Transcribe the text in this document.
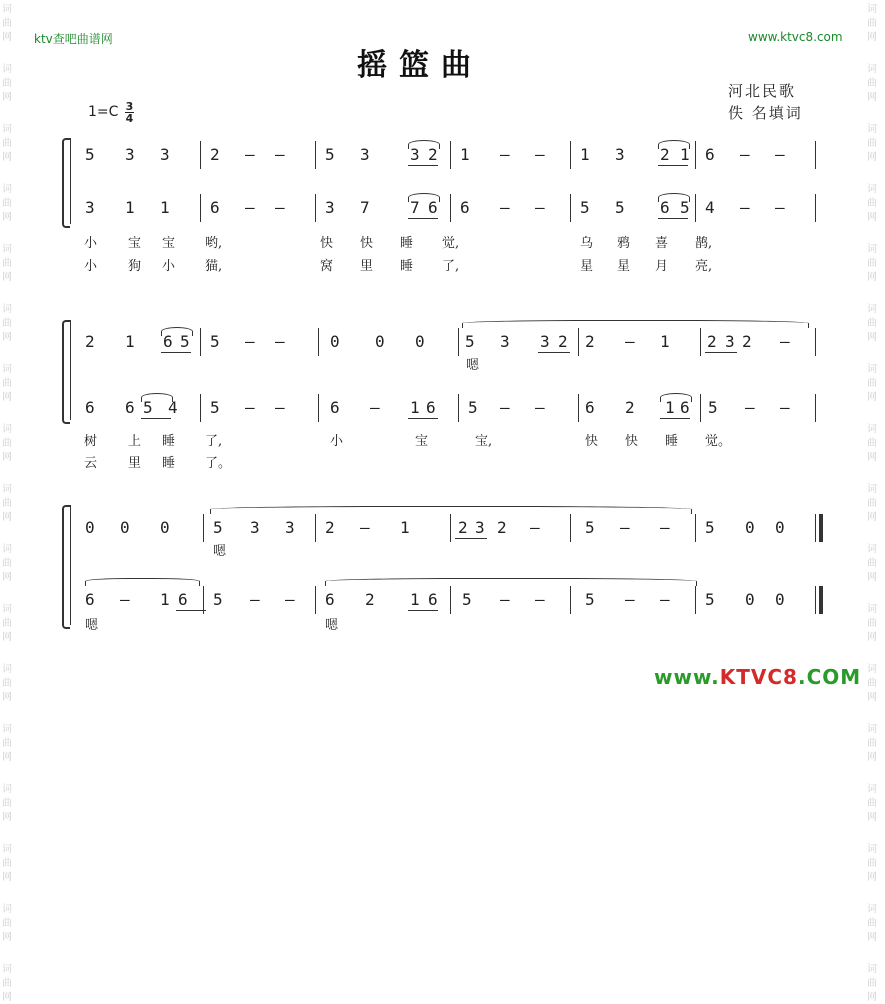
词
曲
网
词
曲
网
词
曲
网
词
曲
网
词
曲
网
词
曲
网
词
曲
网
词
曲
网
词
曲
网
词
曲
网
词
曲
网
词
曲
网
词
曲
网
词
曲
网
词
曲
网
词
曲
网
词
曲
网
词
曲
网
词
曲
网
词
曲
网
词
曲
网
词
曲
网
词
曲
网
词
曲
网
词
曲
网
词
曲
网
词
曲
网
词
曲
网
词
曲
网
词
曲
网
词
曲
网
词
曲
网
词
曲
网
词
曲
网
ktv查吧曲谱网	www.ktvc8.com
摇篮曲
河北民歌
佚 名填词
1=C 3
4
5 3 3	2 – –	5 3	3 2 1 – – 1 3 2 1 6 – –
3 1 1	6 – –	3 7	7 6 6 – – 5 5 6 5 4 – –
小 宝 宝 哟,	快 快 睡 觉,	乌 鸦 喜 鹊,
小 狗 小 猫,	窝 里 睡 了,	星 星 月 亮,
2 1 6 5 5 – –	0 0 0	5 3 3 2 2 – 1 2 3 2 –
6 6 5 4 5 – –	6 – 1 6 5 – –	6 2 1 6 5 – –
树 上 睡 了,	小	宝	宝,	快 快 睡 觉。
云 里 睡 了。
嗯
0 0 0	5 3 3 2 – 1	2 3 2 –	5 – – 5 0 0
6 – 1 6 5 – – 6 2 1 6 5 – –	5 – – 5 0 0
嗯
嗯	嗯
www.KTVC8.COM
